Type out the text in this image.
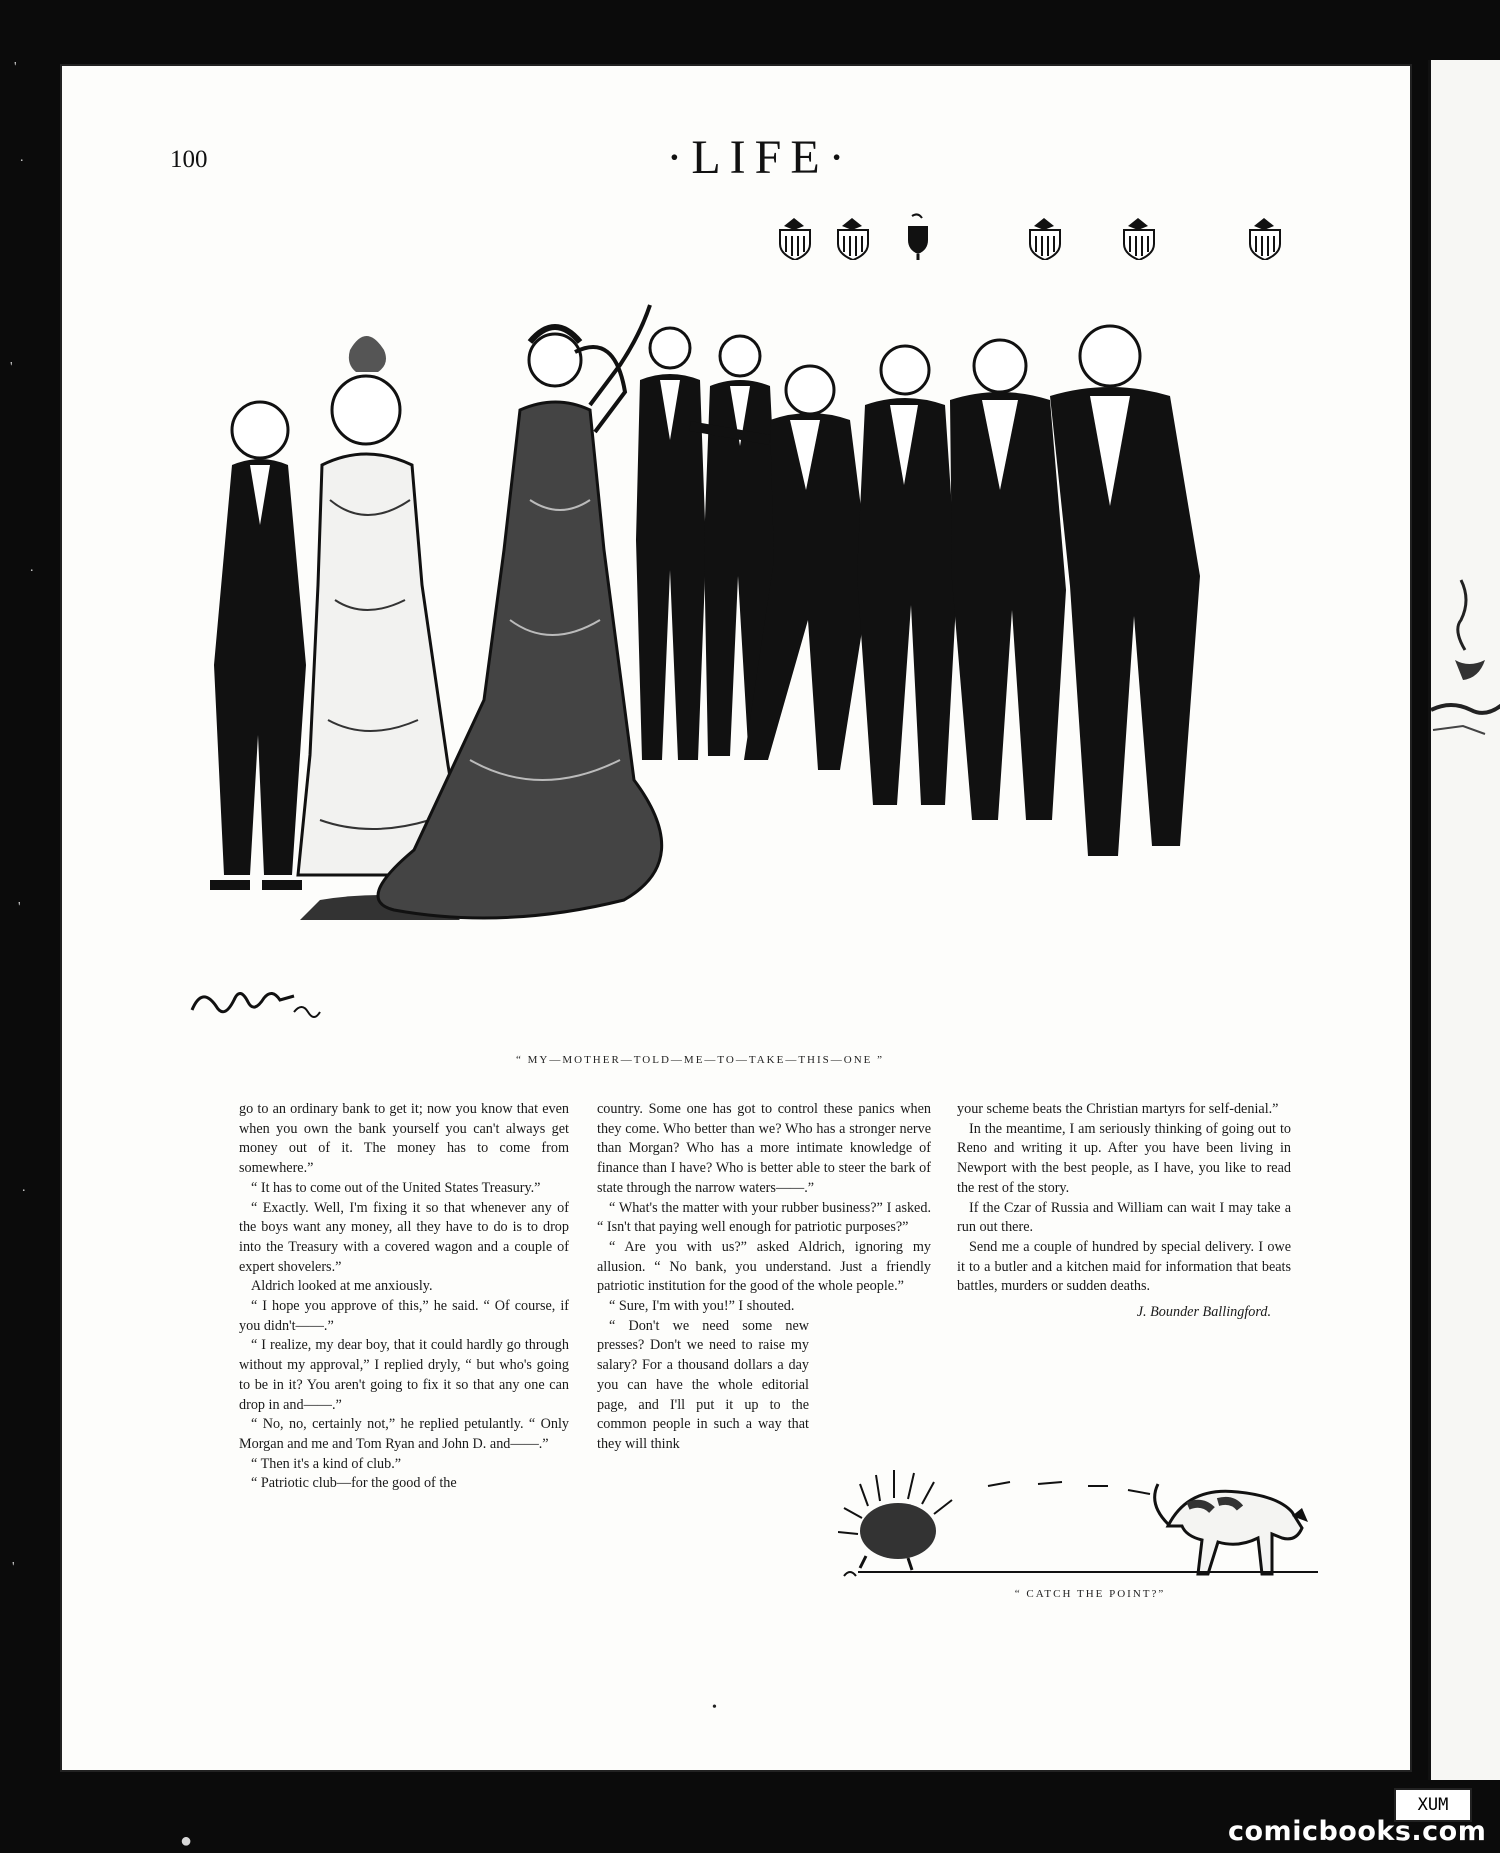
'
.
'
.
'
.
'
●
100	·LIFE·
“ MY—MOTHER—TOLD—ME—TO—TAKE—THIS—ONE ”

go to an ordinary bank to get it; now you know that even when you own the bank yourself you can't always get money out of it. The money has to come from somewhere.”

“ It has to come out of the United States Treasury.”

“ Exactly. Well, I'm fixing it so that whenever any of the boys want any money, all they have to do is to drop into the Treasury with a covered wagon and a couple of expert shovelers.”

Aldrich looked at me anxiously.

“ I hope you approve of this,” he said. “ Of course, if you didn't——.”

“ I realize, my dear boy, that it could hardly go through without my approval,” I replied dryly, “ but who's going to be in it? You aren't going to fix it so that any one can drop in and——.”

“ No, no, certainly not,” he replied petulantly. “ Only Morgan and me and Tom Ryan and John D. and——.”

“ Then it's a kind of club.”

“ Patriotic club—for the good of the

country. Some one has got to control these panics when they come. Who better than we? Who has a stronger nerve than Morgan? Who has a more intimate knowledge of finance than I have? Who is better able to steer the bark of state through the narrow waters——.”

“ What's the matter with your rubber business?” I asked. “ Isn't that paying well enough for patriotic purposes?”

“ Are you with us?” asked Aldrich, ignoring my allusion. “ No bank, you understand. Just a friendly patriotic institution for the good of the whole people.”

“ Sure, I'm with you!” I shouted.

“ Don't we need some new presses? Don't we need to raise my salary? For a thousand dollars a day you can have the whole editorial page, and I'll put it up to the common people in such a way that they will think

your scheme beats the Christian martyrs for self-denial.”

In the meantime, I am seriously thinking of going out to Reno and writing it up. After you have been living in Newport with the best people, as I have, you like to read the rest of the story.

If the Czar of Russia and William can wait I may take a run out there.

Send me a couple of hundred by special delivery. I owe it to a butler and a kitchen maid for information that beats battles, murders or sudden deaths.

J. Bounder Ballingford.
“ CATCH THE POINT?”
•
XUM
comicbooks.com
